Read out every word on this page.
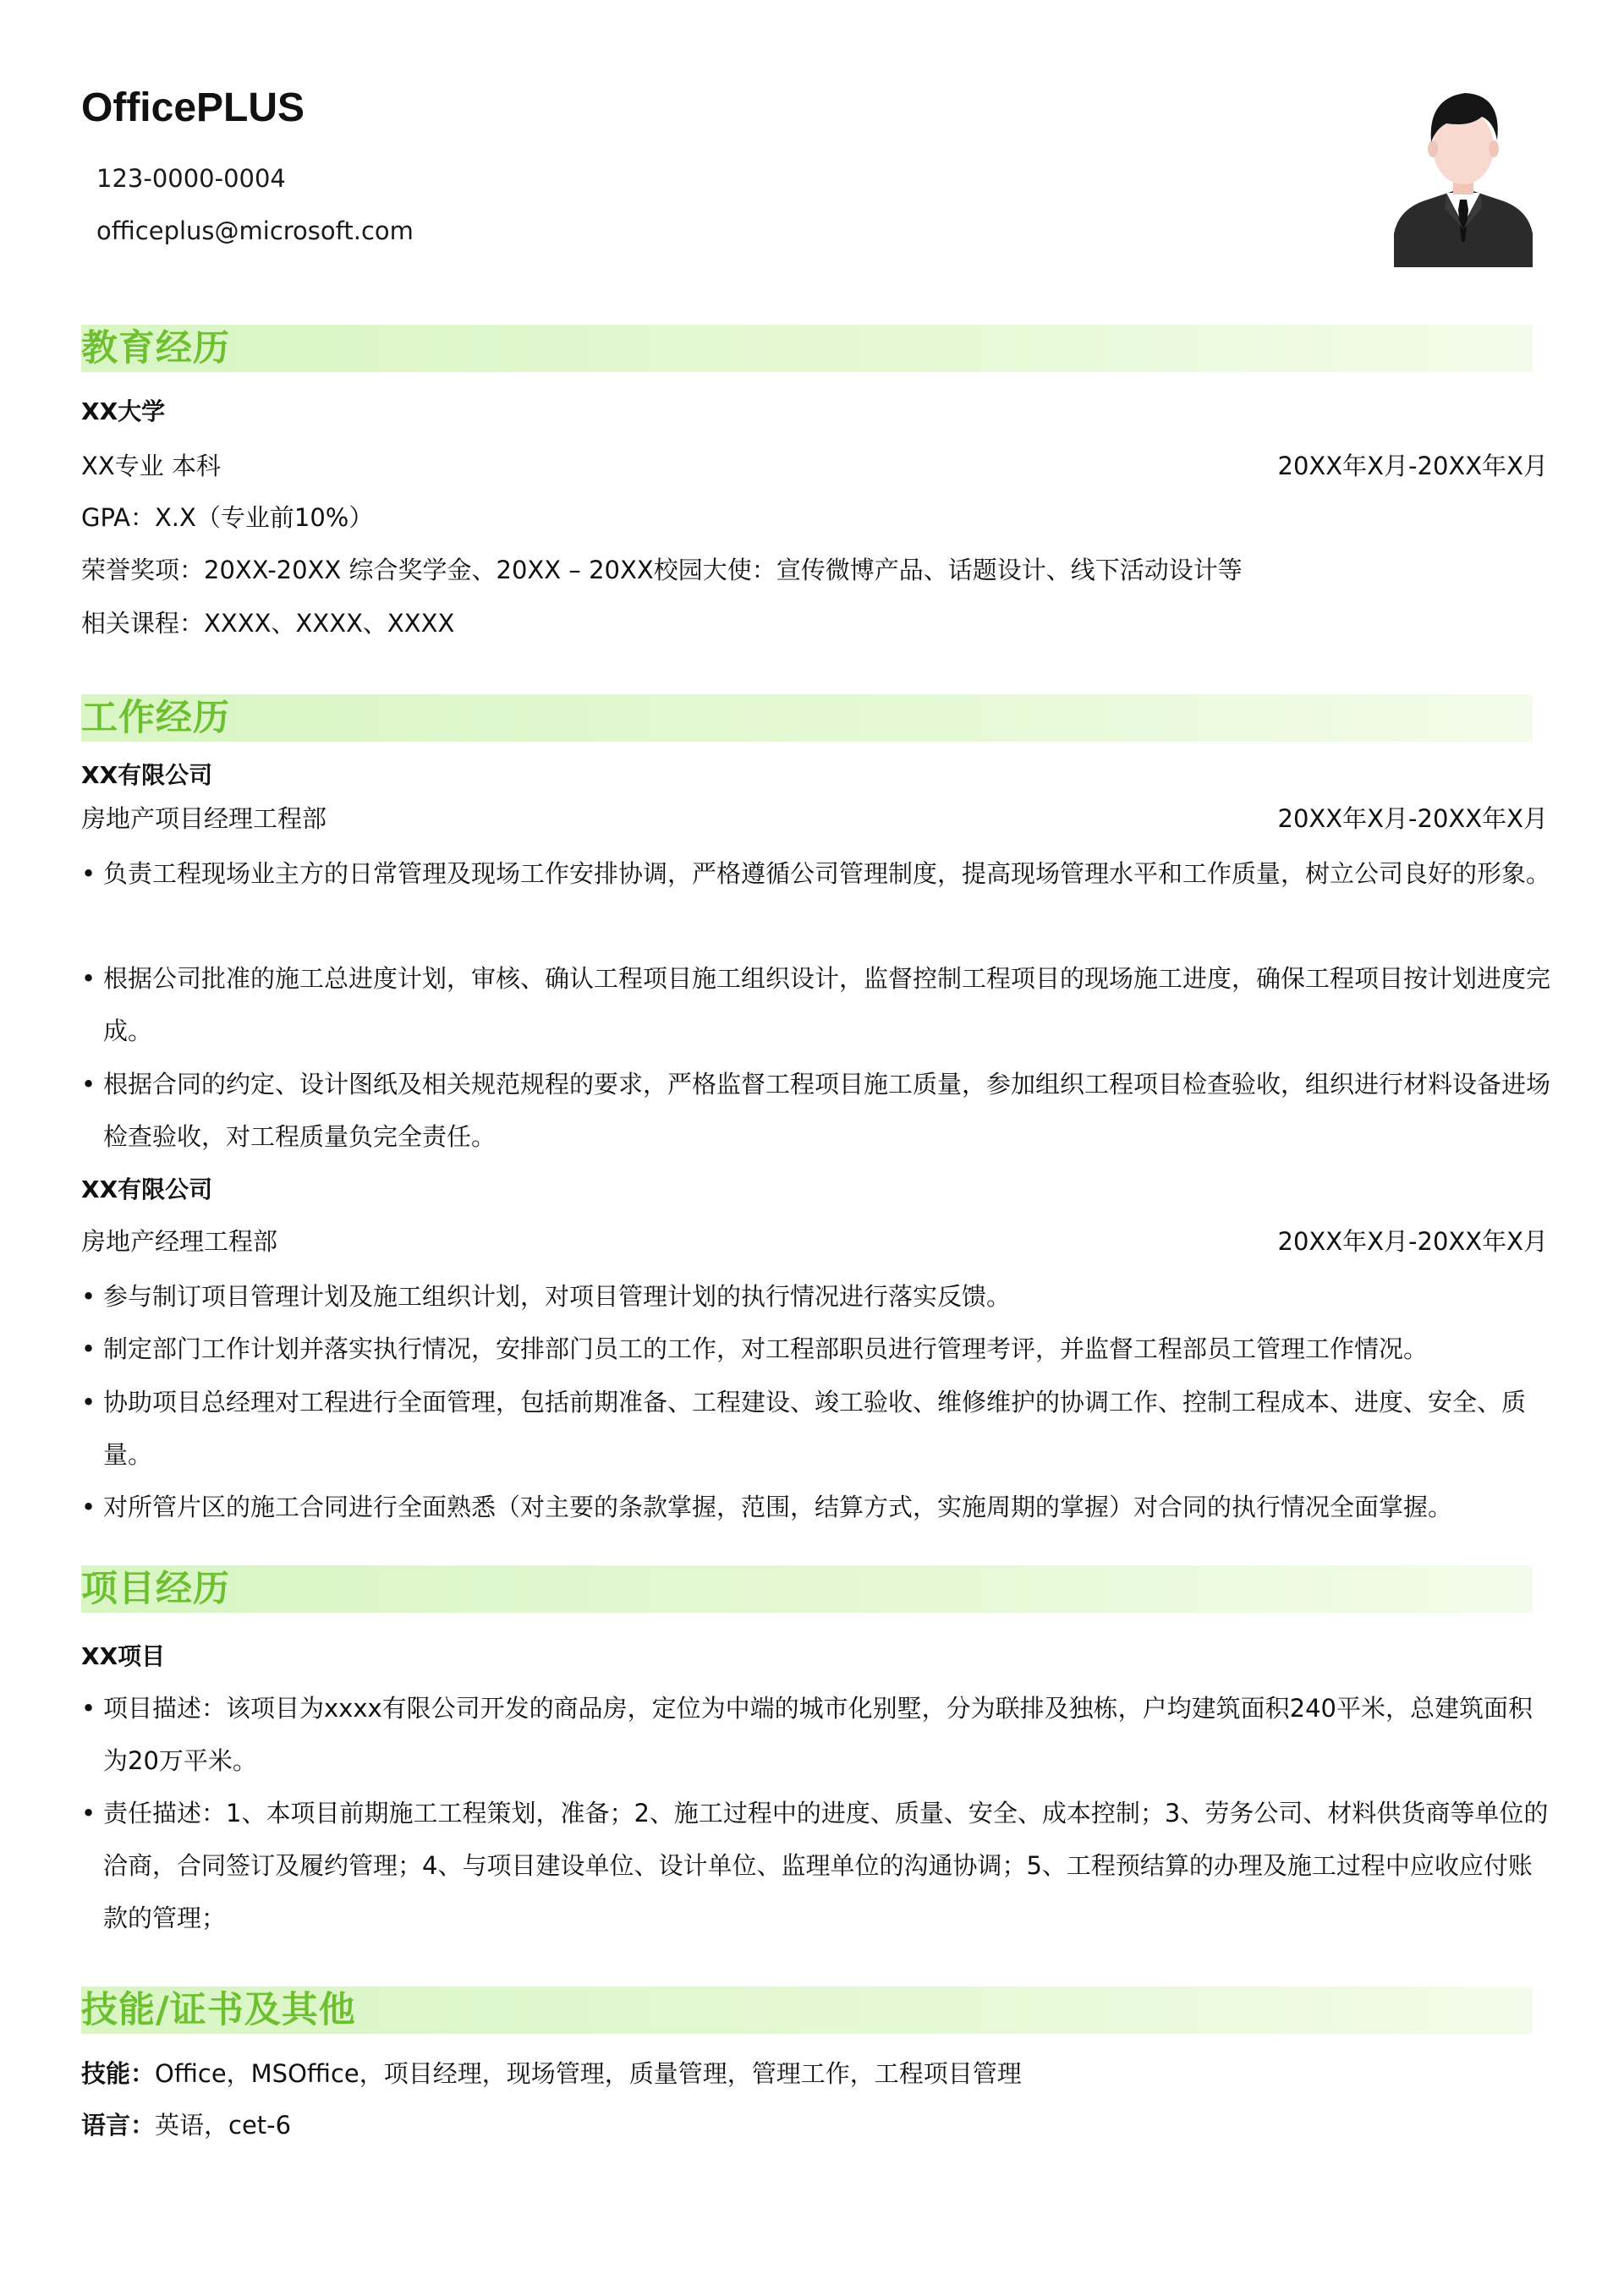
OfficePLUS
123-0000-0004
officeplus@microsoft.com
教育经历
XX大学
XX专业 本科	20XX年X月-20XX年X月
GPA：X.X（专业前10%）
荣誉奖项：20XX-20XX 综合奖学金、20XX – 20XX校园大使：宣传微博产品、话题设计、线下活动设计等
相关课程：XXXX、XXXX、XXXX
工作经历
XX有限公司
房地产项目经理工程部	20XX年X月-20XX年X月
• 负责工程现场业主方的日常管理及现场工作安排协调，严格遵循公司管理制度，提高现场管理水平和工作质量，树立公司良好的形象。
• 根据公司批准的施工总进度计划，审核、确认工程项目施工组织设计，监督控制工程项目的现场施工进度，确保工程项目按计划进度完成。
• 根据合同的约定、设计图纸及相关规范规程的要求，严格监督工程项目施工质量，参加组织工程项目检查验收，组织进行材料设备进场检查验收，对工程质量负完全责任。
XX有限公司
房地产经理工程部	20XX年X月-20XX年X月
• 参与制订项目管理计划及施工组织计划，对项目管理计划的执行情况进行落实反馈。
• 制定部门工作计划并落实执行情况，安排部门员工的工作，对工程部职员进行管理考评，并监督工程部员工管理工作情况。
• 协助项目总经理对工程进行全面管理，包括前期准备、工程建设、竣工验收、维修维护的协调工作、控制工程成本、进度、安全、质量。
• 对所管片区的施工合同进行全面熟悉（对主要的条款掌握，范围，结算方式，实施周期的掌握）对合同的执行情况全面掌握。
项目经历
XX项目
• 项目描述：该项目为xxxx有限公司开发的商品房，定位为中端的城市化别墅，分为联排及独栋，户均建筑面积240平米，总建筑面积为20万平米。
• 责任描述：1、本项目前期施工工程策划，准备；2、施工过程中的进度、质量、安全、成本控制；3、劳务公司、材料供货商等单位的洽商，合同签订及履约管理；4、与项目建设单位、设计单位、监理单位的沟通协调；5、工程预结算的办理及施工过程中应收应付账款的管理；
技能/证书及其他
技能：Office，MSOffice，项目经理，现场管理，质量管理，管理工作，工程项目管理
语言：英语，cet-6
